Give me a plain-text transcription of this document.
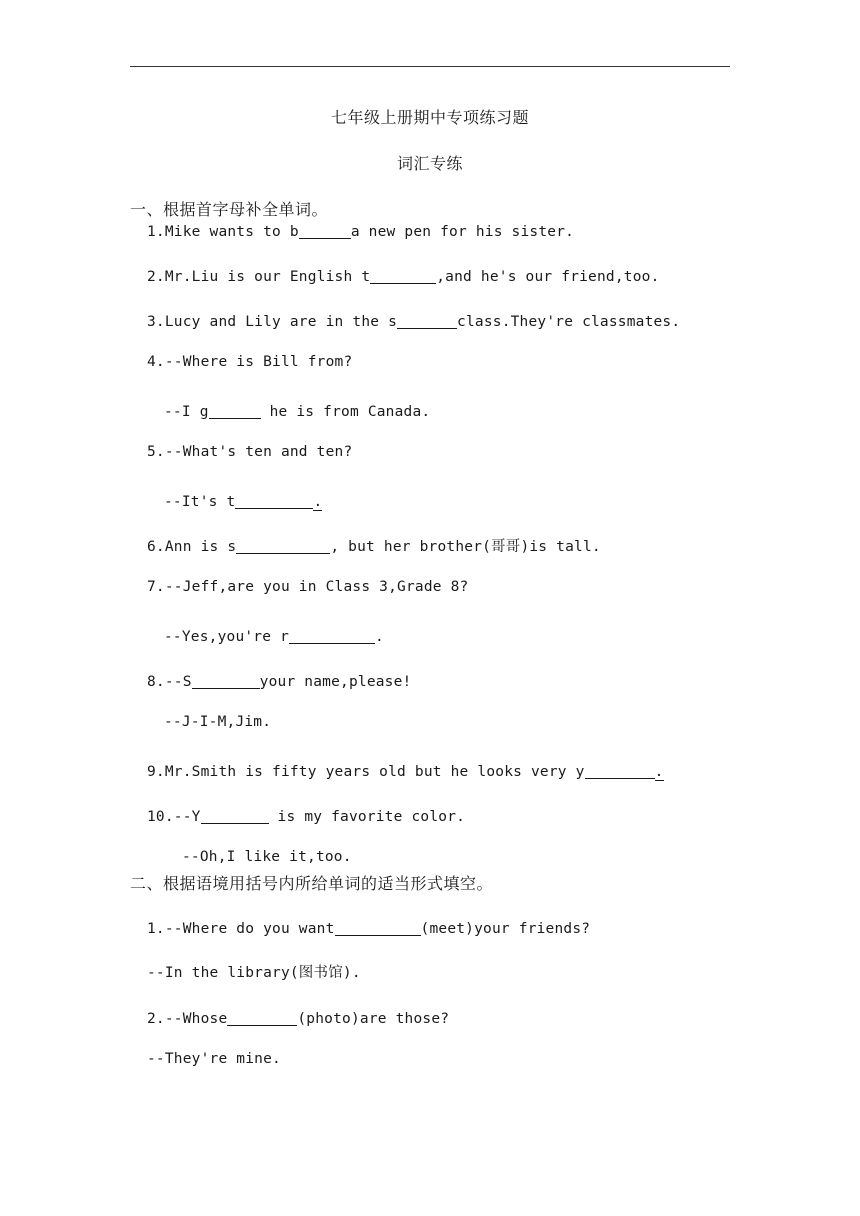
七年级上册期中专项练习题
词汇专练
一、根据首字母补全单词。
1.Mike wants to b	a new pen for his sister.
2.Mr.Liu is our English t	,and he's our friend,too.
3.Lucy and Lily are in the s	class.They're classmates.
4.--Where is Bill from?
--I g	he is from Canada.
5.--What's ten and ten?
--It's t	.
6.Ann is s	, but her brother(哥哥)is tall.
7.--Jeff,are you in Class 3,Grade 8?
--Yes,you're r	.
8.--S	your name,please!
--J-I-M,Jim.
9.Mr.Smith is fifty years old but he looks very y	.
10.--Y	is my favorite color.
--Oh,I like it,too.
二、根据语境用括号内所给单词的适当形式填空。
1.--Where do you want	(meet)your friends?
--In the library(图书馆).
2.--Whose	(photo)are those?
--They're mine.
